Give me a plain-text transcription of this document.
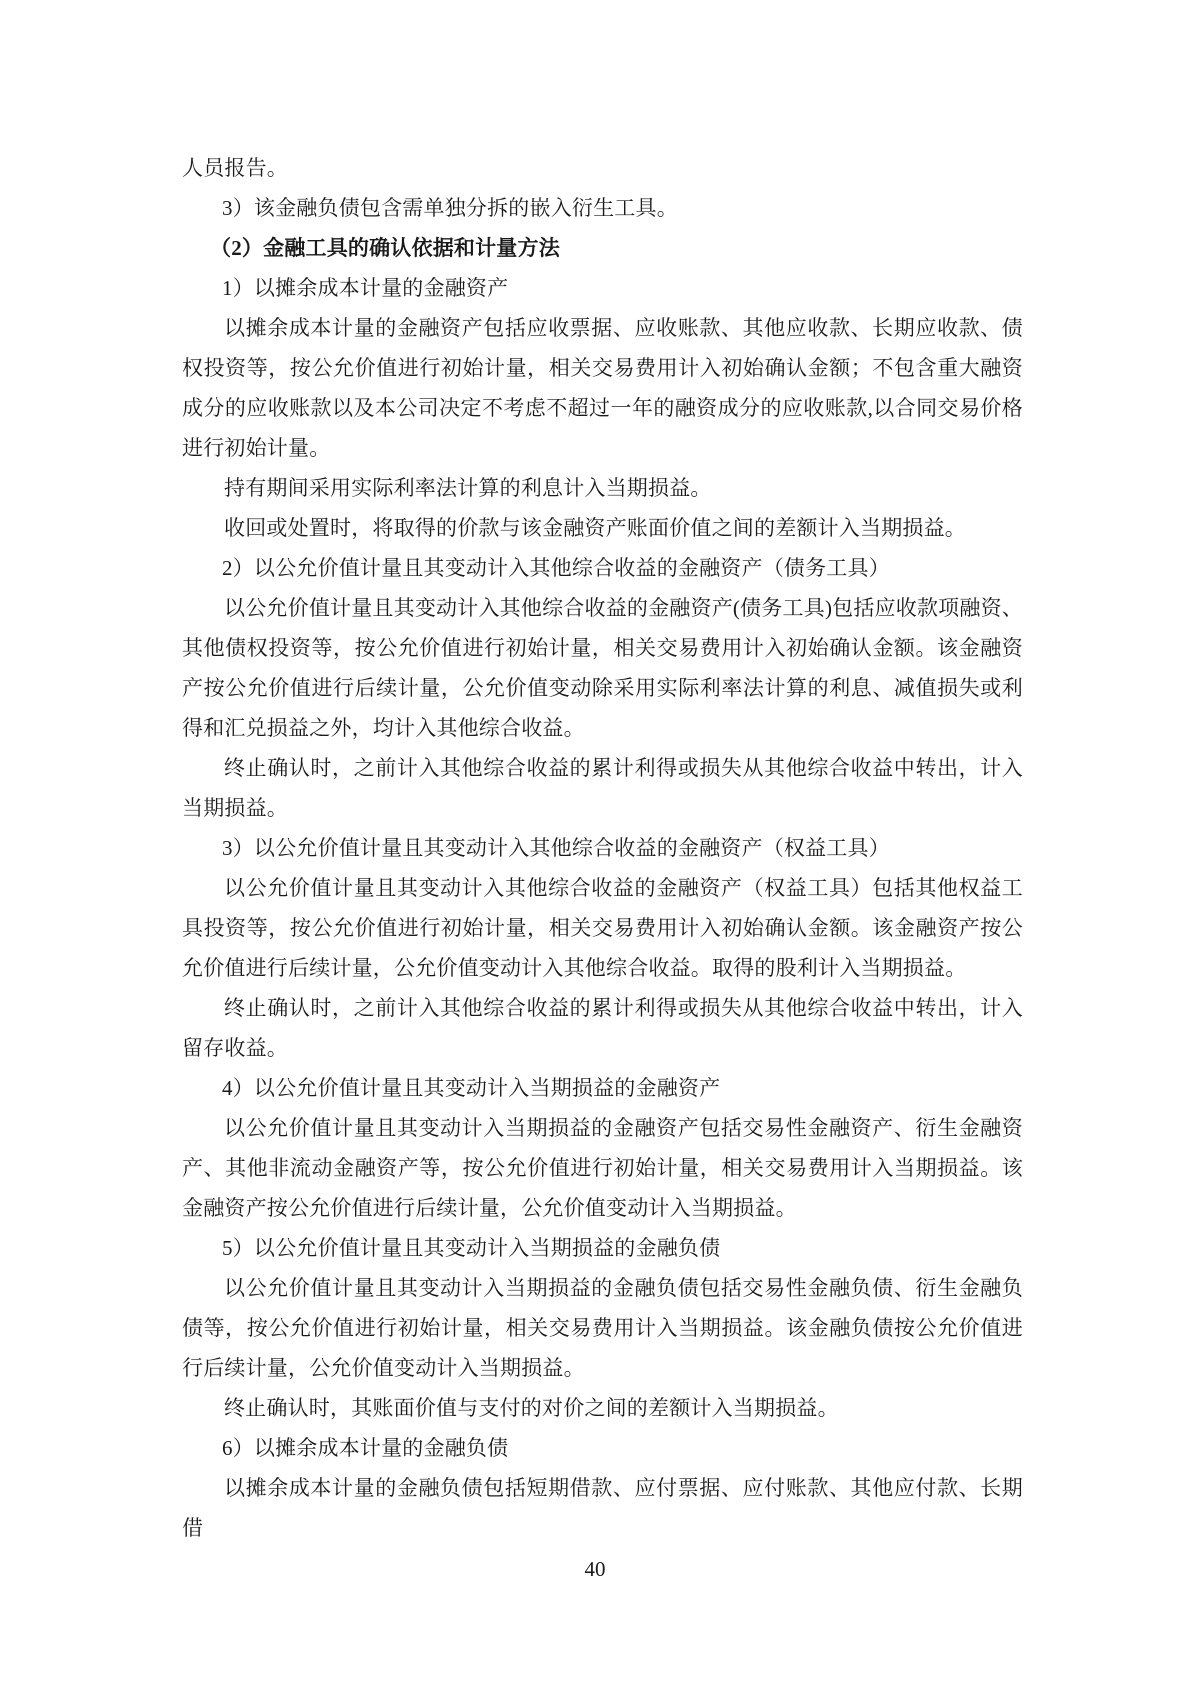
人员报告。
3）该金融负债包含需单独分拆的嵌入衍生工具。
（2）金融工具的确认依据和计量方法
1）以摊余成本计量的金融资产
以摊余成本计量的金融资产包括应收票据、应收账款、其他应收款、长期应收款、债权投资等，按公允价值进行初始计量，相关交易费用计入初始确认金额；不包含重大融资成分的应收账款以及本公司决定不考虑不超过一年的融资成分的应收账款,以合同交易价格进行初始计量。
持有期间采用实际利率法计算的利息计入当期损益。
收回或处置时，将取得的价款与该金融资产账面价值之间的差额计入当期损益。
2）以公允价值计量且其变动计入其他综合收益的金融资产（债务工具）
以公允价值计量且其变动计入其他综合收益的金融资产(债务工具)包括应收款项融资、其他债权投资等，按公允价值进行初始计量，相关交易费用计入初始确认金额。该金融资产按公允价值进行后续计量，公允价值变动除采用实际利率法计算的利息、减值损失或利得和汇兑损益之外，均计入其他综合收益。
终止确认时，之前计入其他综合收益的累计利得或损失从其他综合收益中转出，计入当期损益。
3）以公允价值计量且其变动计入其他综合收益的金融资产（权益工具）
以公允价值计量且其变动计入其他综合收益的金融资产（权益工具）包括其他权益工具投资等，按公允价值进行初始计量，相关交易费用计入初始确认金额。该金融资产按公允价值进行后续计量，公允价值变动计入其他综合收益。取得的股利计入当期损益。
终止确认时，之前计入其他综合收益的累计利得或损失从其他综合收益中转出，计入留存收益。
4）以公允价值计量且其变动计入当期损益的金融资产
以公允价值计量且其变动计入当期损益的金融资产包括交易性金融资产、衍生金融资产、其他非流动金融资产等，按公允价值进行初始计量，相关交易费用计入当期损益。该金融资产按公允价值进行后续计量，公允价值变动计入当期损益。
5）以公允价值计量且其变动计入当期损益的金融负债
以公允价值计量且其变动计入当期损益的金融负债包括交易性金融负债、衍生金融负债等，按公允价值进行初始计量，相关交易费用计入当期损益。该金融负债按公允价值进行后续计量，公允价值变动计入当期损益。
终止确认时，其账面价值与支付的对价之间的差额计入当期损益。
6）以摊余成本计量的金融负债
以摊余成本计量的金融负债包括短期借款、应付票据、应付账款、其他应付款、长期借
40
